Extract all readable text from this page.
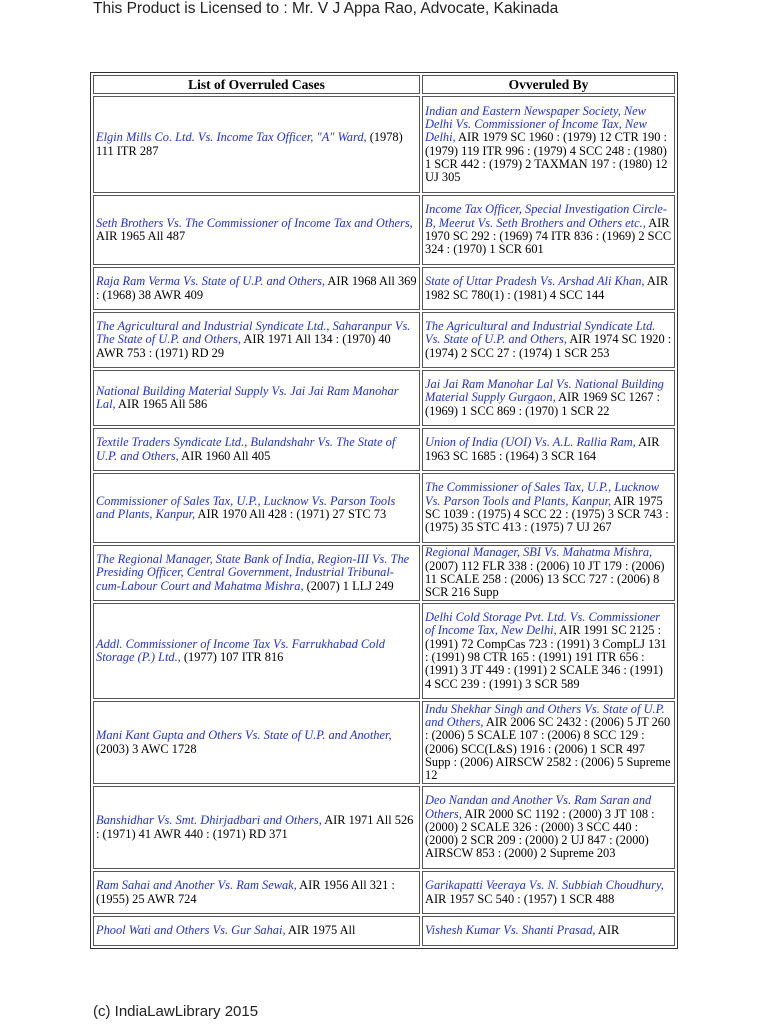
This Product is Licensed to : Mr. V J Appa Rao, Advocate, Kakinada
List of Overruled Cases	Ovveruled By
Elgin Mills Co. Ltd. Vs. Income Tax Officer, "A" Ward, (1978) 111 ITR 287	Indian and Eastern Newspaper Society, New Delhi Vs. Commissioner of Income Tax, New Delhi, AIR 1979 SC 1960 : (1979) 12 CTR 190 : (1979) 119 ITR 996 : (1979) 4 SCC 248 : (1980) 1 SCR 442 : (1979) 2 TAXMAN 197 : (1980) 12 UJ 305
Seth Brothers Vs. The Commissioner of Income Tax and Others, AIR 1965 All 487	Income Tax Officer, Special Investigation Circle-B, Meerut Vs. Seth Brothers and Others etc., AIR 1970 SC 292 : (1969) 74 ITR 836 : (1969) 2 SCC 324 : (1970) 1 SCR 601
Raja Ram Verma Vs. State of U.P. and Others, AIR 1968 All 369 : (1968) 38 AWR 409	State of Uttar Pradesh Vs. Arshad Ali Khan, AIR 1982 SC 780(1) : (1981) 4 SCC 144
The Agricultural and Industrial Syndicate Ltd., Saharanpur Vs. The State of U.P. and Others, AIR 1971 All 134 : (1970) 40 AWR 753 : (1971) RD 29	The Agricultural and Industrial Syndicate Ltd. Vs. State of U.P. and Others, AIR 1974 SC 1920 : (1974) 2 SCC 27 : (1974) 1 SCR 253
National Building Material Supply Vs. Jai Jai Ram Manohar Lal, AIR 1965 All 586	Jai Jai Ram Manohar Lal Vs. National Building Material Supply Gurgaon, AIR 1969 SC 1267 : (1969) 1 SCC 869 : (1970) 1 SCR 22
Textile Traders Syndicate Ltd., Bulandshahr Vs. The State of U.P. and Others, AIR 1960 All 405	Union of India (UOI) Vs. A.L. Rallia Ram, AIR 1963 SC 1685 : (1964) 3 SCR 164
Commissioner of Sales Tax, U.P., Lucknow Vs. Parson Tools and Plants, Kanpur, AIR 1970 All 428 : (1971) 27 STC 73	The Commissioner of Sales Tax, U.P., Lucknow Vs. Parson Tools and Plants, Kanpur, AIR 1975 SC 1039 : (1975) 4 SCC 22 : (1975) 3 SCR 743 : (1975) 35 STC 413 : (1975) 7 UJ 267
The Regional Manager, State Bank of India, Region-III Vs. The Presiding Officer, Central Government, Industrial Tribunal-cum-Labour Court and Mahatma Mishra, (2007) 1 LLJ 249	Regional Manager, SBI Vs. Mahatma Mishra, (2007) 112 FLR 338 : (2006) 10 JT 179 : (2006) 11 SCALE 258 : (2006) 13 SCC 727 : (2006) 8 SCR 216 Supp
Addl. Commissioner of Income Tax Vs. Farrukhabad Cold Storage (P.) Ltd., (1977) 107 ITR 816	Delhi Cold Storage Pvt. Ltd. Vs. Commissioner of Income Tax, New Delhi, AIR 1991 SC 2125 : (1991) 72 CompCas 723 : (1991) 3 CompLJ 131 : (1991) 98 CTR 165 : (1991) 191 ITR 656 : (1991) 3 JT 449 : (1991) 2 SCALE 346 : (1991) 4 SCC 239 : (1991) 3 SCR 589
Mani Kant Gupta and Others Vs. State of U.P. and Another, (2003) 3 AWC 1728	Indu Shekhar Singh and Others Vs. State of U.P. and Others, AIR 2006 SC 2432 : (2006) 5 JT 260 : (2006) 5 SCALE 107 : (2006) 8 SCC 129 : (2006) SCC(L&S) 1916 : (2006) 1 SCR 497 Supp : (2006) AIRSCW 2582 : (2006) 5 Supreme 12
Banshidhar Vs. Smt. Dhirjadbari and Others, AIR 1971 All 526 : (1971) 41 AWR 440 : (1971) RD 371	Deo Nandan and Another Vs. Ram Saran and Others, AIR 2000 SC 1192 : (2000) 3 JT 108 : (2000) 2 SCALE 326 : (2000) 3 SCC 440 : (2000) 2 SCR 209 : (2000) 2 UJ 847 : (2000) AIRSCW 853 : (2000) 2 Supreme 203
Ram Sahai and Another Vs. Ram Sewak, AIR 1956 All 321 : (1955) 25 AWR 724	Garikapatti Veeraya Vs. N. Subbiah Choudhury, AIR 1957 SC 540 : (1957) 1 SCR 488
Phool Wati and Others Vs. Gur Sahai, AIR 1975 All	Vishesh Kumar Vs. Shanti Prasad, AIR
(c) IndiaLawLibrary 2015
